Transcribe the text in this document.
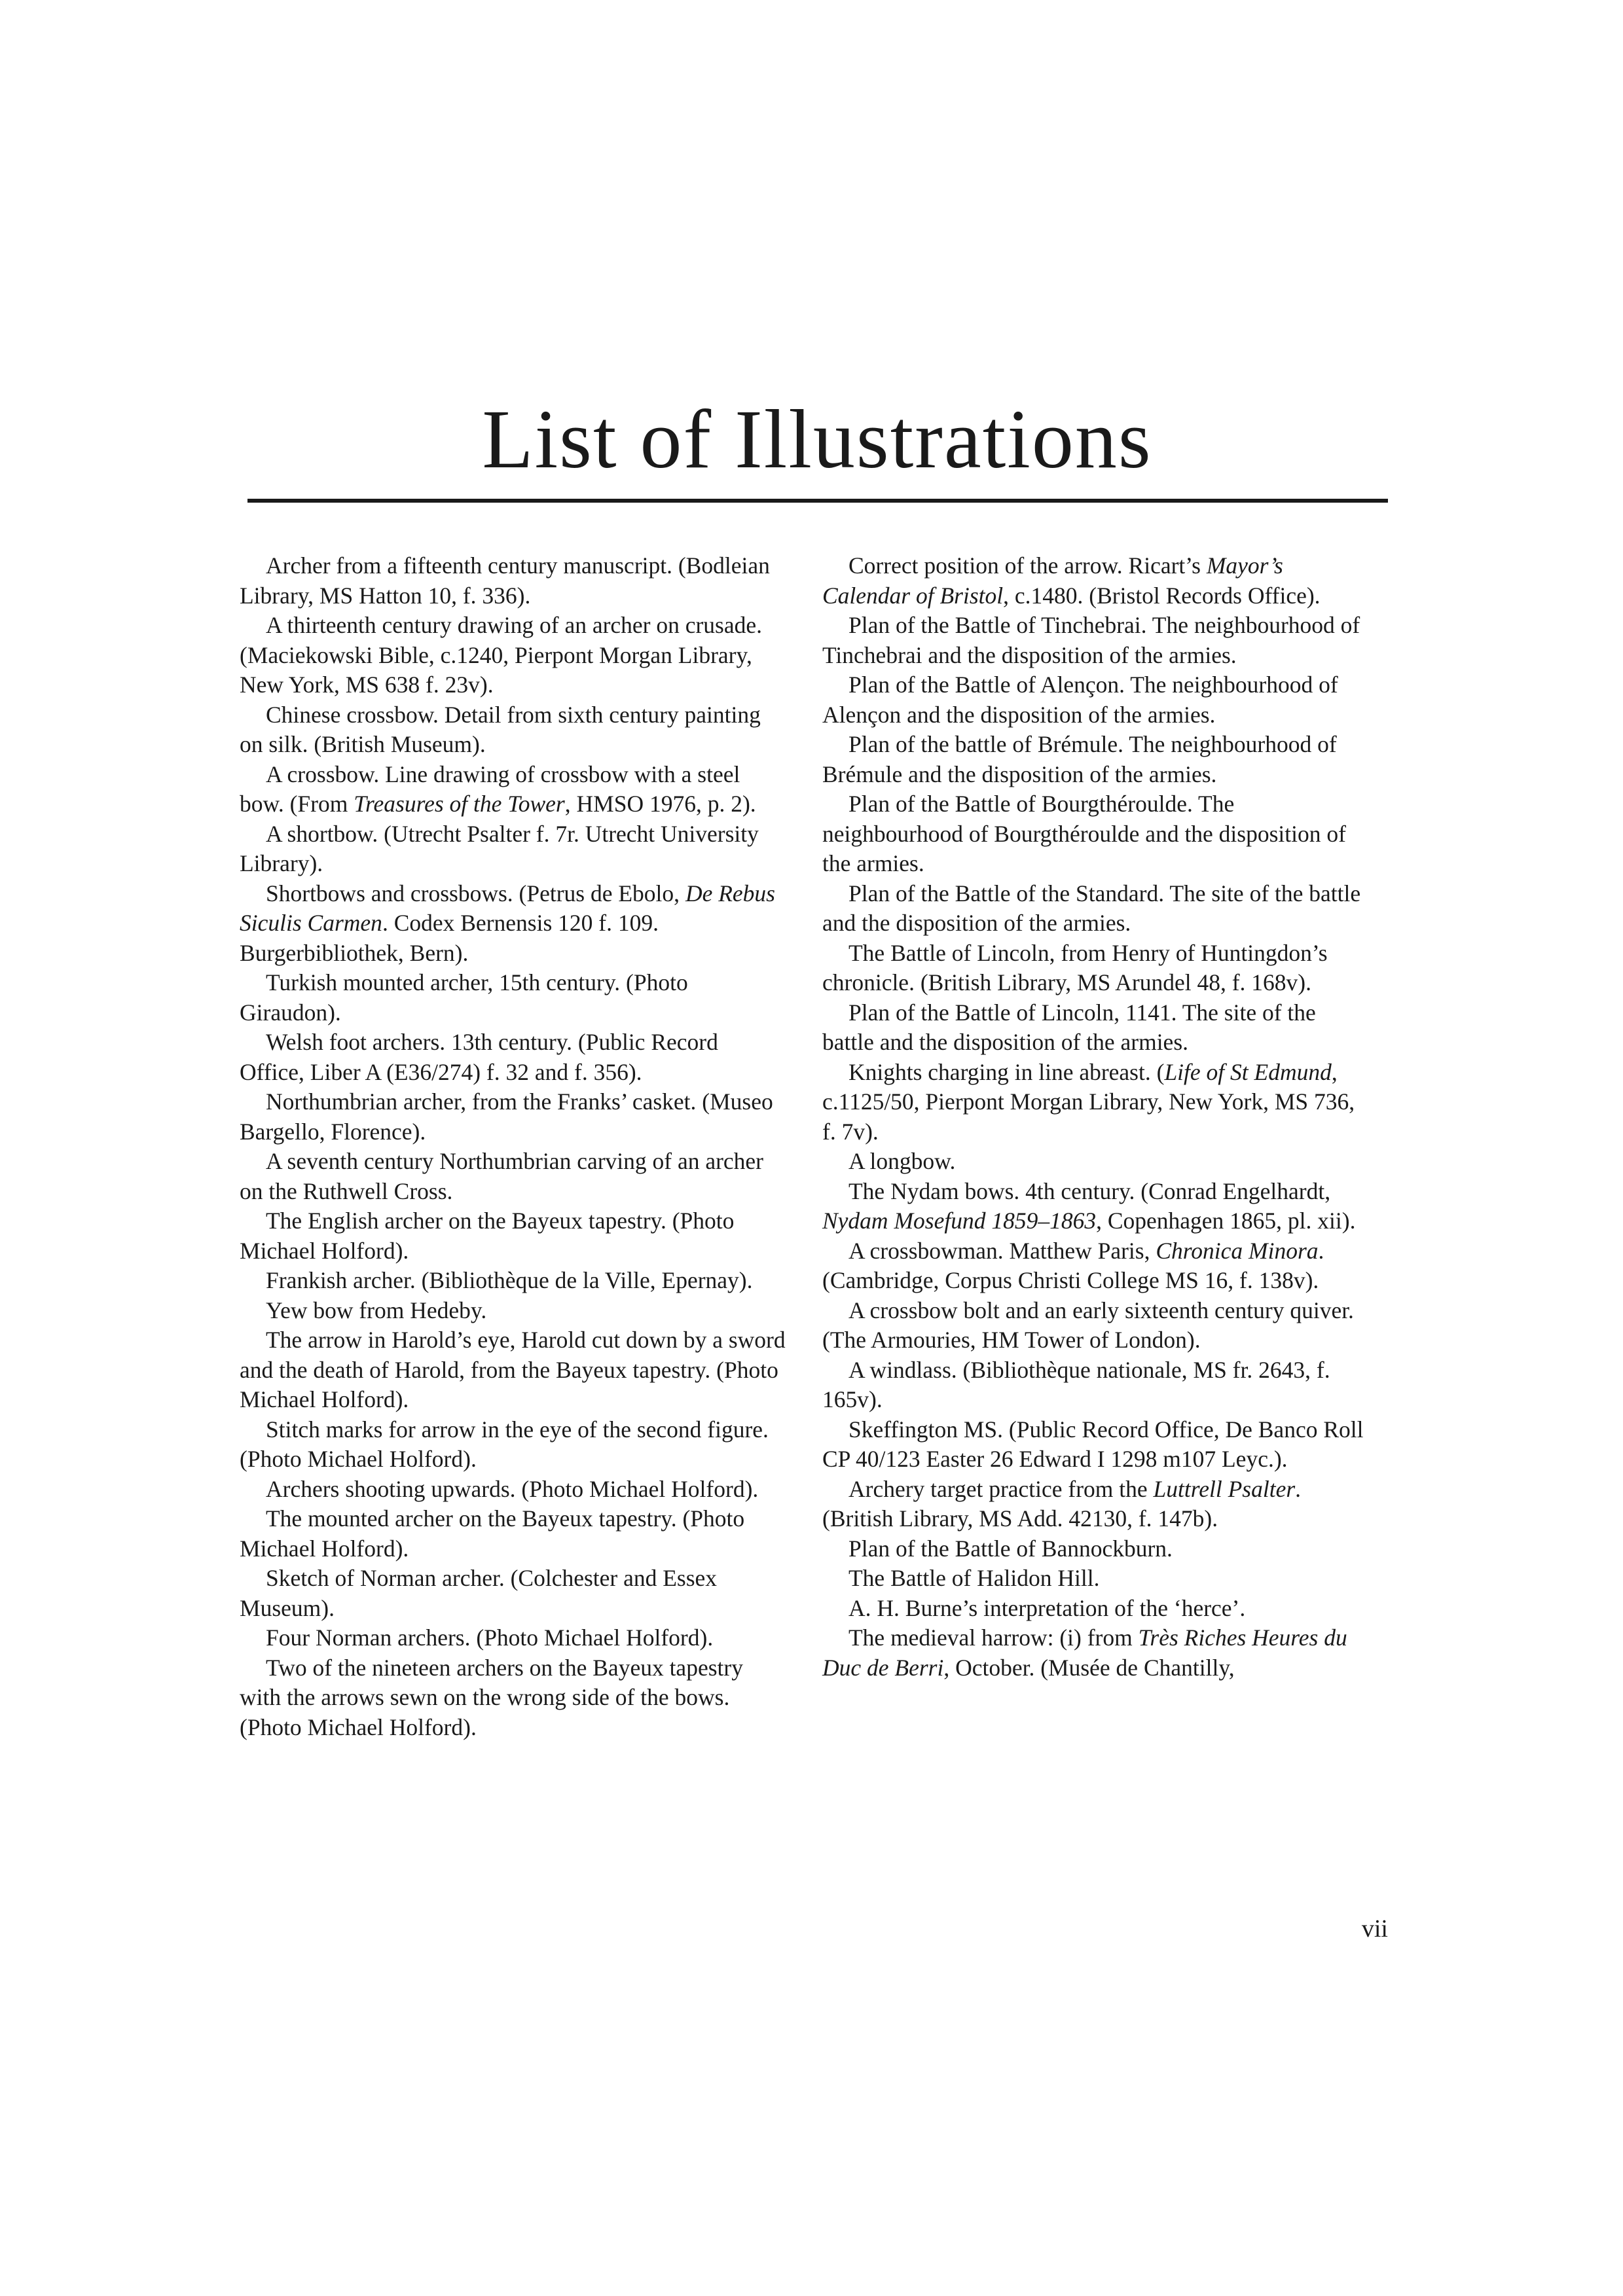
List of Illustrations

Archer from a fifteenth century manuscript. (Bodleian Library, MS Hatton 10, f. 336).

A thirteenth century drawing of an archer on crusade. (Maciekowski Bible, c.1240, Pierpont Morgan Library, New York, MS 638 f. 23v).

Chinese crossbow. Detail from sixth century painting on silk. (British Museum).

A crossbow. Line drawing of crossbow with a steel bow. (From Treasures of the Tower, HMSO 1976, p. 2).

A shortbow. (Utrecht Psalter f. 7r. Utrecht University Library).

Shortbows and crossbows. (Petrus de Ebolo, De Rebus Siculis Carmen. Codex Bernensis 120 f. 109. Burgerbibliothek, Bern).

Turkish mounted archer, 15th century. (Photo Giraudon).

Welsh foot archers. 13th century. (Public Record Office, Liber A (E36/274) f. 32 and f. 356).

Northumbrian archer, from the Franks’ casket. (Museo Bargello, Florence).

A seventh century Northumbrian carving of an archer on the Ruthwell Cross.

The English archer on the Bayeux tapestry. (Photo Michael Holford).

Frankish archer. (Bibliothèque de la Ville, Epernay).

Yew bow from Hedeby.

The arrow in Harold’s eye, Harold cut down by a sword and the death of Harold, from the Bayeux tapestry. (Photo Michael Holford).

Stitch marks for arrow in the eye of the second figure. (Photo Michael Holford).

Archers shooting upwards. (Photo Michael Holford).

The mounted archer on the Bayeux tapestry. (Photo Michael Holford).

Sketch of Norman archer. (Colchester and Essex Museum).

Four Norman archers. (Photo Michael Holford).

Two of the nineteen archers on the Bayeux tapestry with the arrows sewn on the wrong side of the bows. (Photo Michael Holford).

Correct position of the arrow. Ricart’s Mayor’s Calendar of Bristol, c.1480. (Bristol Records Office).

Plan of the Battle of Tinchebrai. The neighbourhood of Tinchebrai and the disposition of the armies.

Plan of the Battle of Alençon. The neighbourhood of Alençon and the disposition of the armies.

Plan of the battle of Brémule. The neighbourhood of Brémule and the disposition of the armies.

Plan of the Battle of Bourgthéroulde. The neighbourhood of Bourgthéroulde and the disposition of the armies.

Plan of the Battle of the Standard. The site of the battle and the disposition of the armies.

The Battle of Lincoln, from Henry of Huntingdon’s chronicle. (British Library, MS Arundel 48, f. 168v).

Plan of the Battle of Lincoln, 1141. The site of the battle and the disposition of the armies.

Knights charging in line abreast. (Life of St Edmund, c.1125/50, Pierpont Morgan Library, New York, MS 736, f. 7v).

A longbow.

The Nydam bows. 4th century. (Conrad Engelhardt, Nydam Mosefund 1859–1863, Copenhagen 1865, pl. xii).

A crossbowman. Matthew Paris, Chronica Minora. (Cambridge, Corpus Christi College MS 16, f. 138v).

A crossbow bolt and an early sixteenth century quiver. (The Armouries, HM Tower of London).

A windlass. (Bibliothèque nationale, MS fr. 2643, f. 165v).

Skeffington MS. (Public Record Office, De Banco Roll CP 40/123 Easter 26 Edward I 1298 m107 Leyc.).

Archery target practice from the Luttrell Psalter. (British Library, MS Add. 42130, f. 147b).

Plan of the Battle of Bannockburn.

The Battle of Halidon Hill.

A. H. Burne’s interpretation of the ‘herce’.

The medieval harrow: (i) from Très Riches Heures du Duc de Berri, October. (Musée de Chantilly,

vii
